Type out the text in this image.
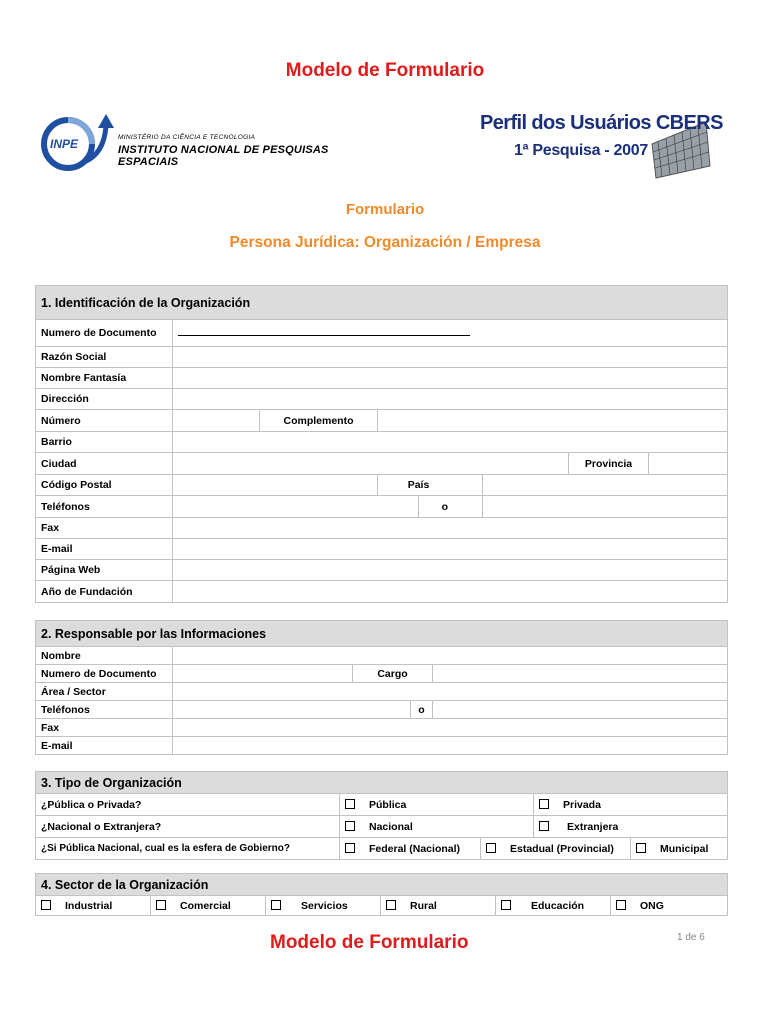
Modelo de Formulario
INPE	MINISTÉRIO DA CIÊNCIA E TECNOLOGIA
INSTITUTO NACIONAL DE PESQUISAS ESPACIAIS
Perfil dos Usuários CBERS
1ª Pesquisa - 2007
Formulario
Persona Jurídica: Organización / Empresa
1. Identificación de la Organización							
Numero de Documento							
Razón Social							
Nombre Fantasía							
Dirección							
Número		Complemento					
Barrio							
Ciudad						Provincia	
Código Postal			País				
Teléfonos				o			
Fax							
E-mail							
Página Web							
Año de Fundación							
2. Responsable por las Informaciones				
Nombre				
Numero de Documento		Cargo		
Área / Sector				
Teléfonos			o	
Fax				
E-mail				
3. Tipo de Organización				
¿Pública o Privada?	Pública		Privada	
¿Nacional o Extranjera?	Nacional		Extranjera	
¿Si Pública Nacional, cual es la esfera de Gobierno?	Federal (Nacional)	Estadual (Provincial)		Municipal
4. Sector de la Organización
Industrial	Comercial	Servicios	Rural	Educación	ONG
Modelo de Formulario	1 de 6
